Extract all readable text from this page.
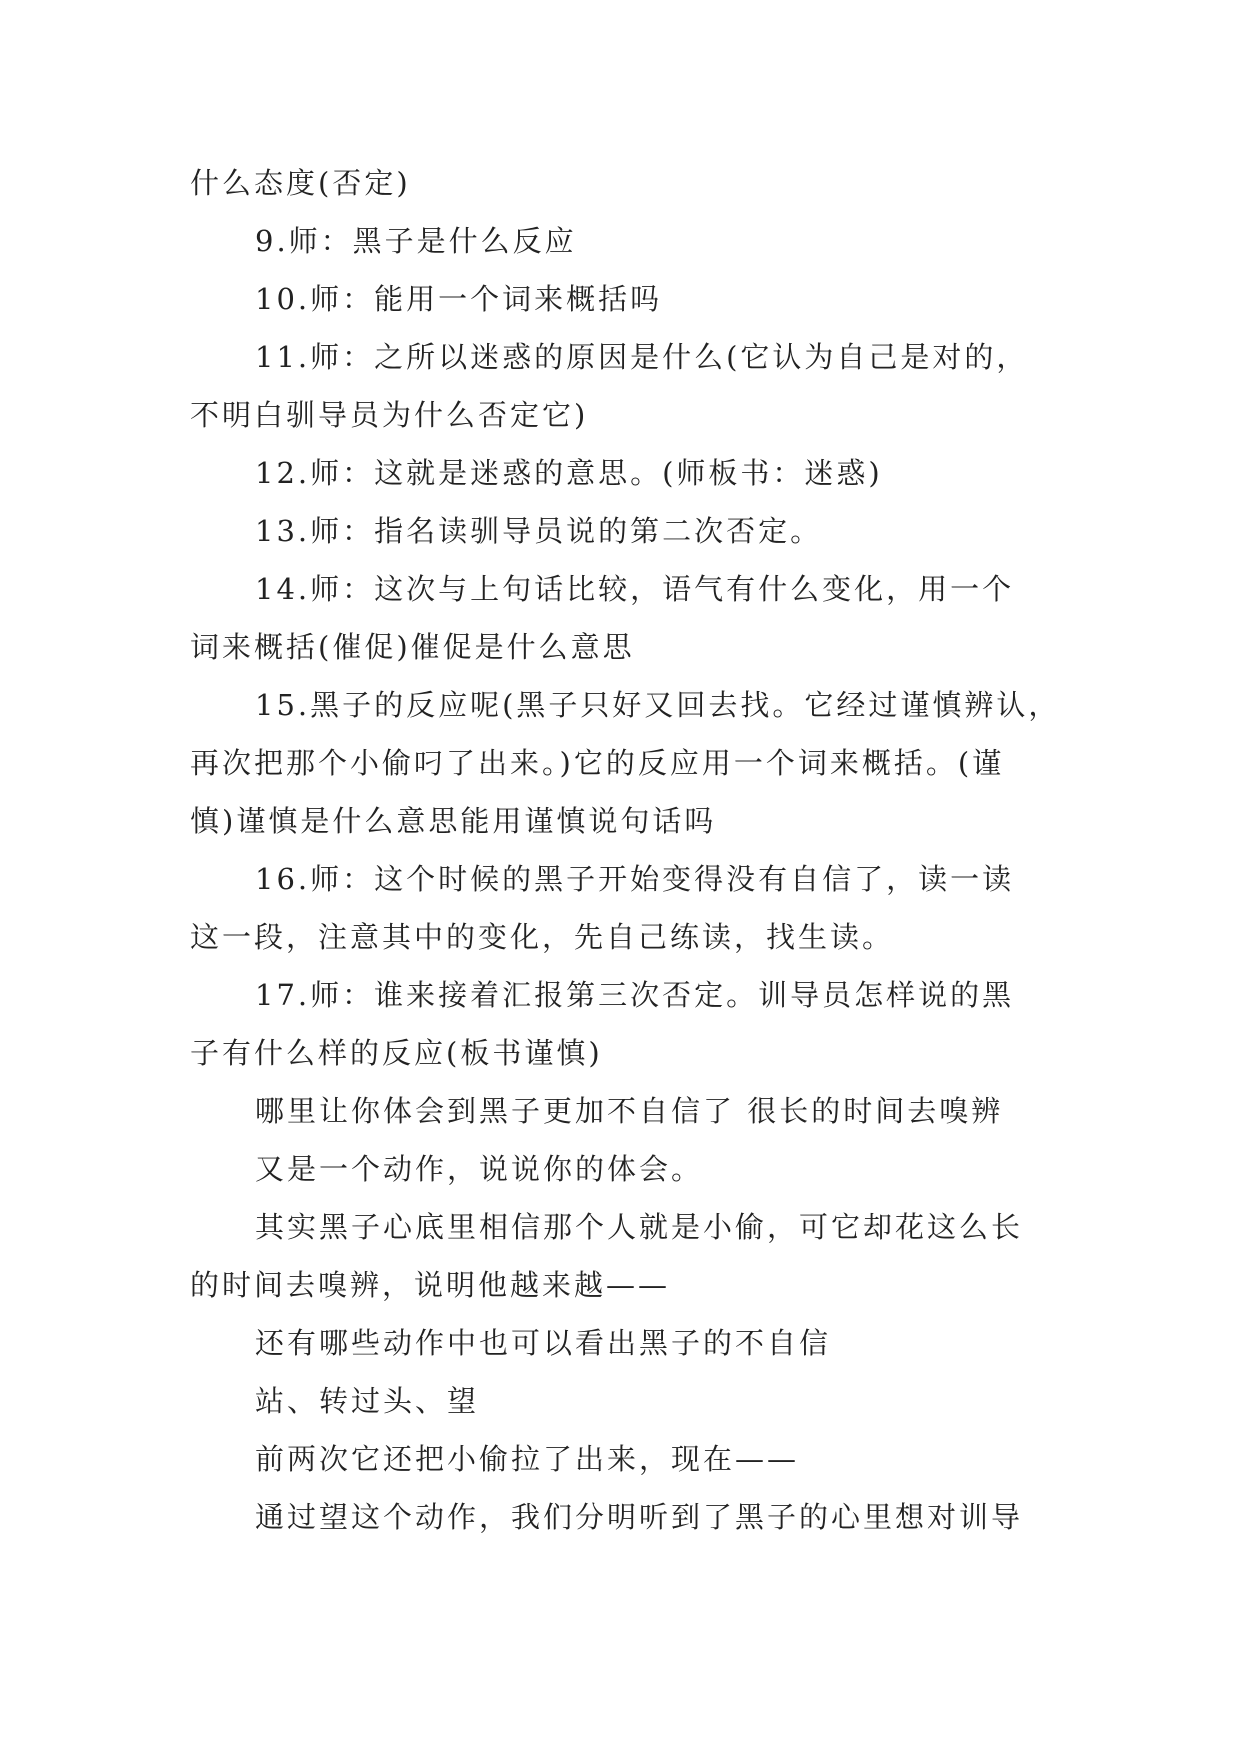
什么态度(否定)
9.师：黑子是什么反应
10.师：能用一个词来概括吗
11.师：之所以迷惑的原因是什么(它认为自己是对的，
不明白驯导员为什么否定它)
12.师：这就是迷惑的意思。(师板书：迷惑)
13.师：指名读驯导员说的第二次否定。
14.师：这次与上句话比较，语气有什么变化，用一个
词来概括(催促)催促是什么意思
15.黑子的反应呢(黑子只好又回去找。它经过谨慎辨认，
再次把那个小偷叼了出来。)它的反应用一个词来概括。(谨
慎)谨慎是什么意思能用谨慎说句话吗
16.师：这个时候的黑子开始变得没有自信了，读一读
这一段，注意其中的变化，先自己练读，找生读。
17.师：谁来接着汇报第三次否定。训导员怎样说的黑
子有什么样的反应(板书谨慎)
哪里让你体会到黑子更加不自信了 很长的时间去嗅辨
又是一个动作，说说你的体会。
其实黑子心底里相信那个人就是小偷，可它却花这么长
的时间去嗅辨，说明他越来越——
还有哪些动作中也可以看出黑子的不自信
站、转过头、望
前两次它还把小偷拉了出来，现在——
通过望这个动作，我们分明听到了黑子的心里想对训导
